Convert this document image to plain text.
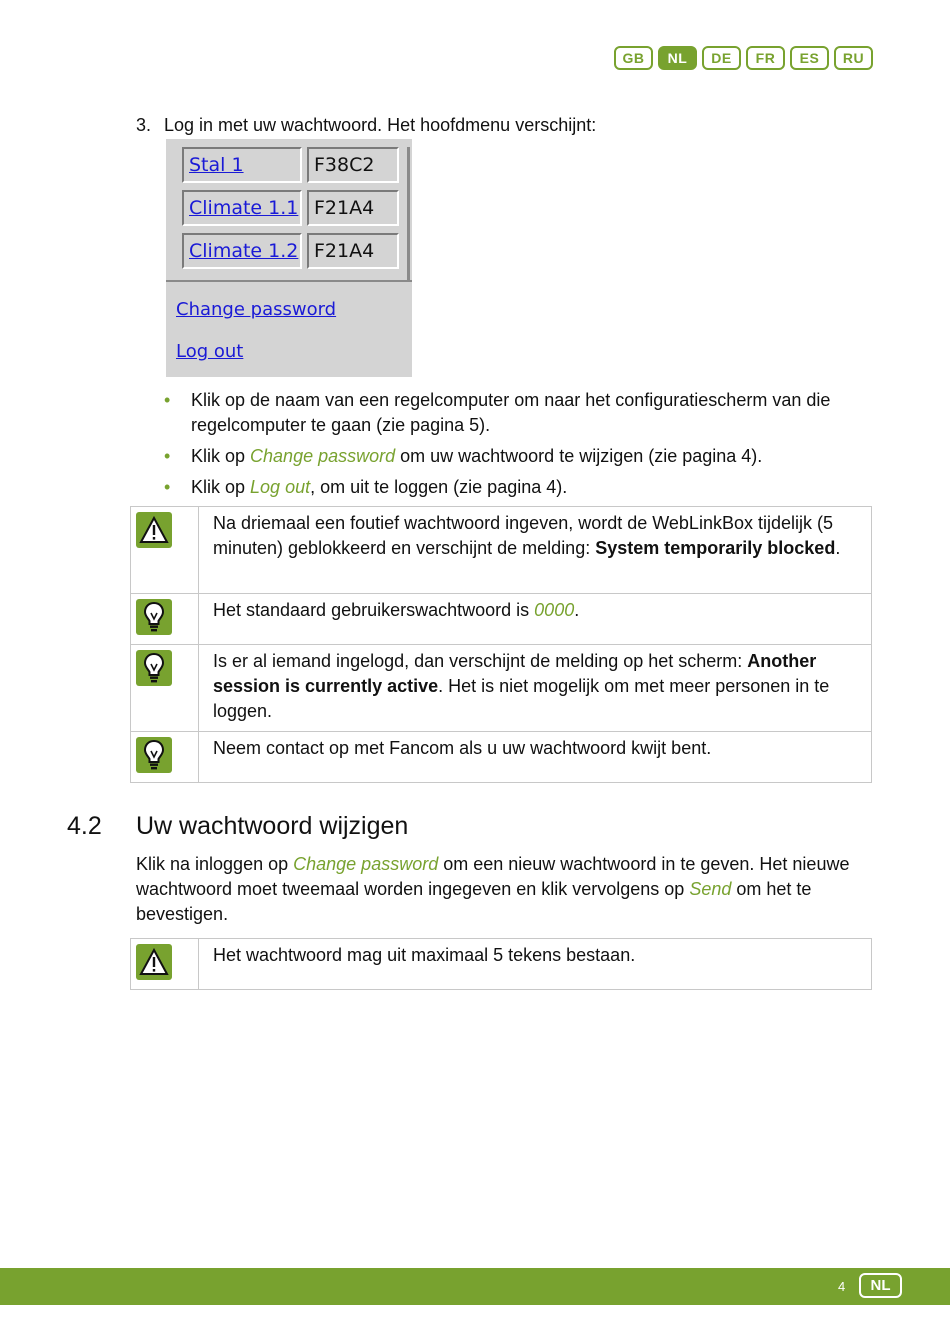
GB	NL	DE	FR	ES	RU
3. Log in met uw wachtwoord. Het hoofdmenu verschijnt:
Stal 1	F38C2
Climate 1.1 F21A4
Climate 1.2 F21A4
Change password
Log out
• Klik op de naam van een regelcomputer om naar het configuratiescherm van die regelcomputer te gaan (zie pagina 5).
• Klik op Change password om uw wachtwoord te wijzigen (zie pagina 4).
• Klik op Log out, om uit te loggen (zie pagina 4).
	Na driemaal een foutief wachtwoord ingeven, wordt de WebLinkBox tijdelijk (5 minuten) geblokkeerd en verschijnt de melding: System temporarily blocked.

	Het standaard gebruikerswachtwoord is 0000.

	Is er al iemand ingelogd, dan verschijnt de melding op het scherm: Another session is currently active. Het is niet mogelijk om met meer personen in te loggen.

	Neem contact op met Fancom als u uw wachtwoord kwijt bent.
4.2 Uw wachtwoord wijzigen
Klik na inloggen op Change password om een nieuw wachtwoord in te geven. Het nieuwe wachtwoord moet tweemaal worden ingegeven en klik vervolgens op Send om het te bevestigen.
	Het wachtwoord mag uit maximaal 5 tekens bestaan.
4	NL
